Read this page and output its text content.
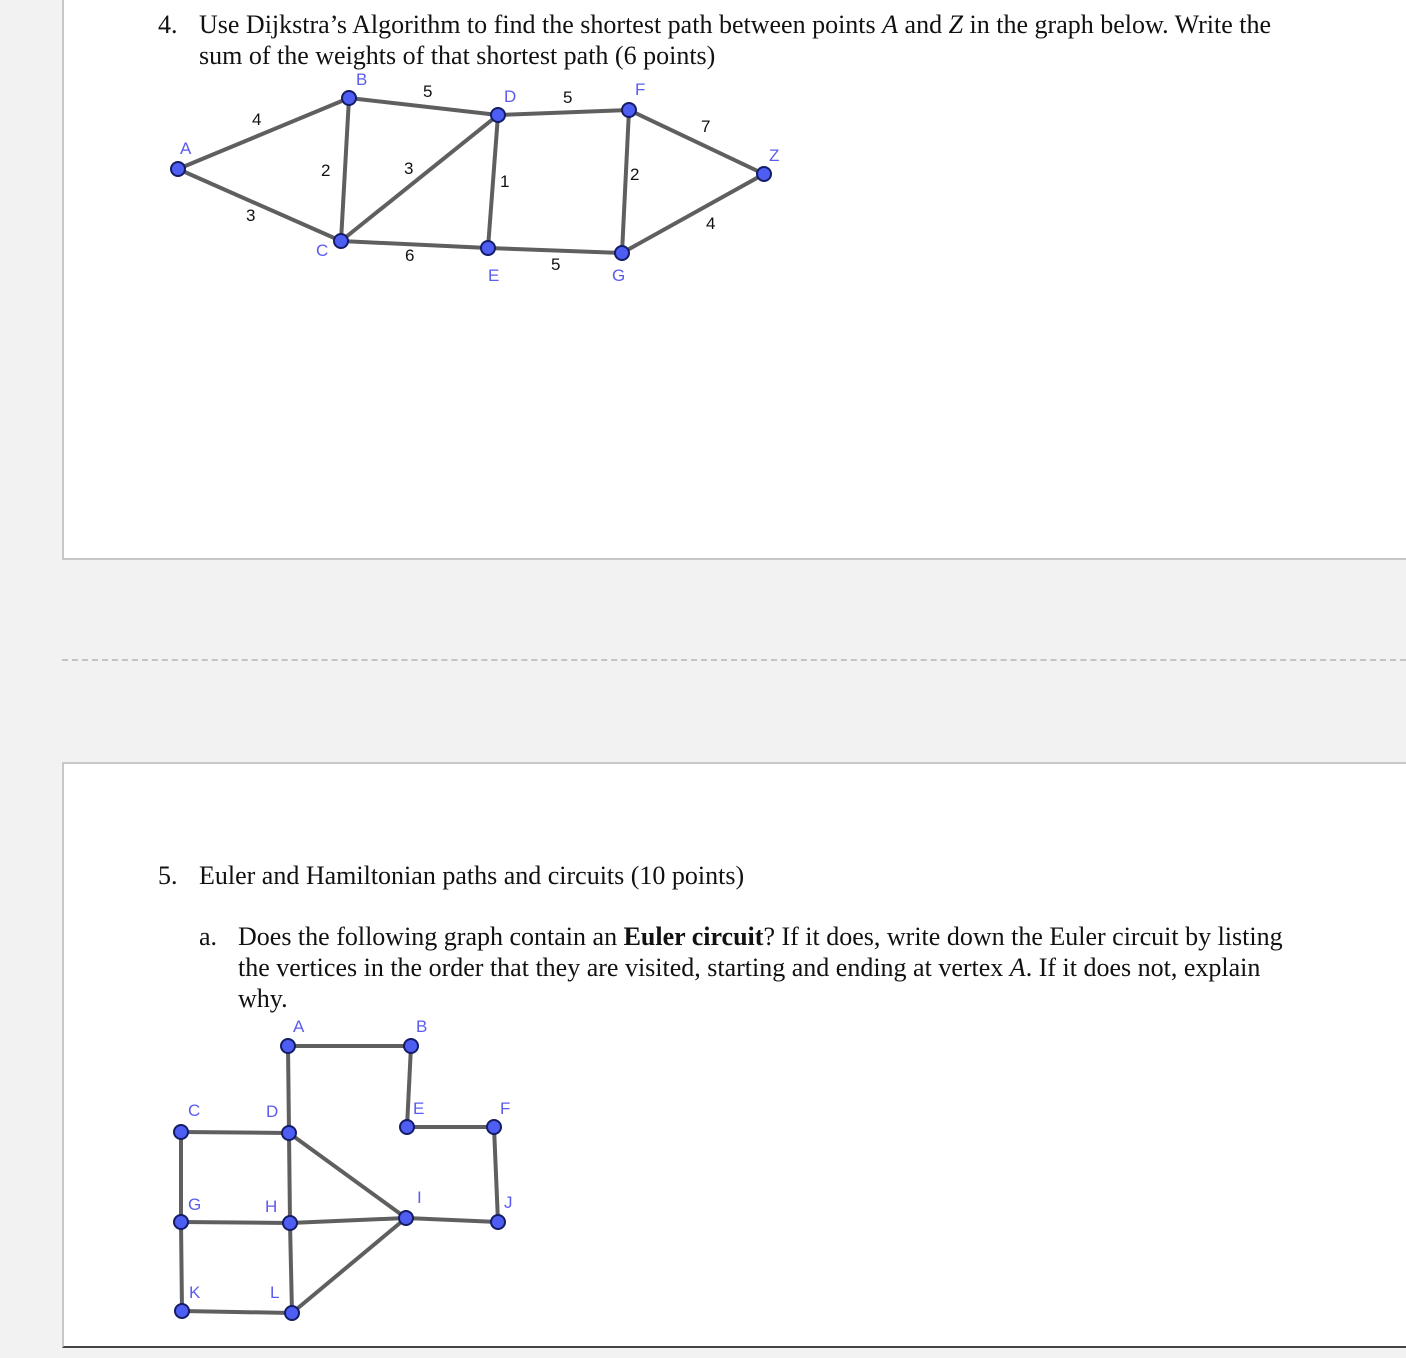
4. Use Dijkstra’s Algorithm to find the shortest path between points A and Z in the graph below. Write the
sum of the weights of that shortest path (6 points)
A
B
C
D
E
F
G
Z
4
5	5
7
3
2	3
1	2
4
6	5
5. Euler and Hamiltonian paths and circuits (10 points)
a. Does the following graph contain an Euler circuit? If it does, write down the Euler circuit by listing
the vertices in the order that they are visited, starting and ending at vertex A. If it does not, explain
why.
A	B
C	D	E	F
G	H	I	J
K	L
